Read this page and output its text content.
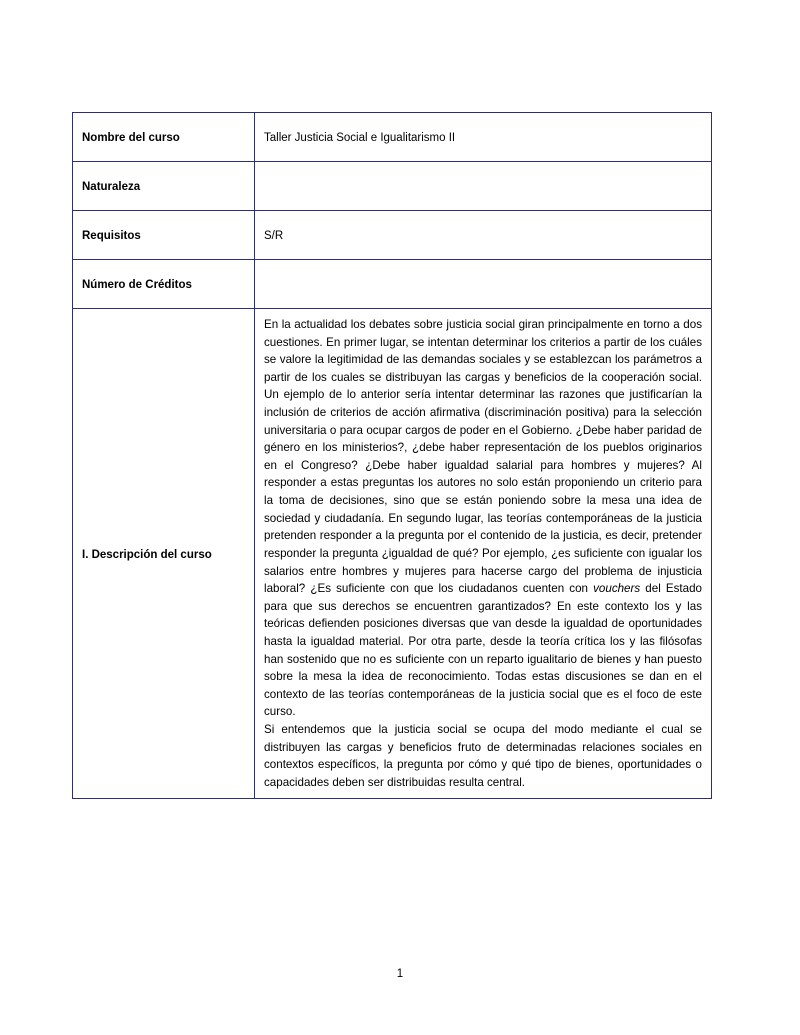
Nombre del curso	Taller Justicia Social e Igualitarismo II
Naturaleza	
Requisitos	S/R
Número de Créditos	
I. Descripción del curso	En la actualidad los debates sobre justicia social giran principalmente en torno a dos cuestiones. En primer lugar, se intentan determinar los criterios a partir de los cuáles se valore la legitimidad de las demandas sociales y se establezcan los parámetros a partir de los cuales se distribuyan las cargas y beneficios de la cooperación social. Un ejemplo de lo anterior sería intentar determinar las razones que justificarían la inclusión de criterios de acción afirmativa (discriminación positiva) para la selección universitaria o para ocupar cargos de poder en el Gobierno. ¿Debe haber paridad de género en los ministerios?, ¿debe haber representación de los pueblos originarios en el Congreso? ¿Debe haber igualdad salarial para hombres y mujeres? Al responder a estas preguntas los autores no solo están proponiendo un criterio para la toma de decisiones, sino que se están poniendo sobre la mesa una idea de sociedad y ciudadanía. En segundo lugar, las teorías contemporáneas de la justicia pretenden responder a la pregunta por el contenido de la justicia, es decir, pretender responder la pregunta ¿igualdad de qué? Por ejemplo, ¿es suficiente con igualar los salarios entre hombres y mujeres para hacerse cargo del problema de injusticia laboral? ¿Es suficiente con que los ciudadanos cuenten con vouchers del Estado para que sus derechos se encuentren garantizados? En este contexto los y las teóricas defienden posiciones diversas que van desde la igualdad de oportunidades hasta la igualdad material. Por otra parte, desde la teoría crítica los y las filósofas han sostenido que no es suficiente con un reparto igualitario de bienes y han puesto sobre la mesa la idea de reconocimiento. Todas estas discusiones se dan en el contexto de las teorías contemporáneas de la justicia social que es el foco de este curso.

Si entendemos que la justicia social se ocupa del modo mediante el cual se distribuyen las cargas y beneficios fruto de determinadas relaciones sociales en contextos específicos, la pregunta por cómo y qué tipo de bienes, oportunidades o capacidades deben ser distribuidas resulta central.

1
